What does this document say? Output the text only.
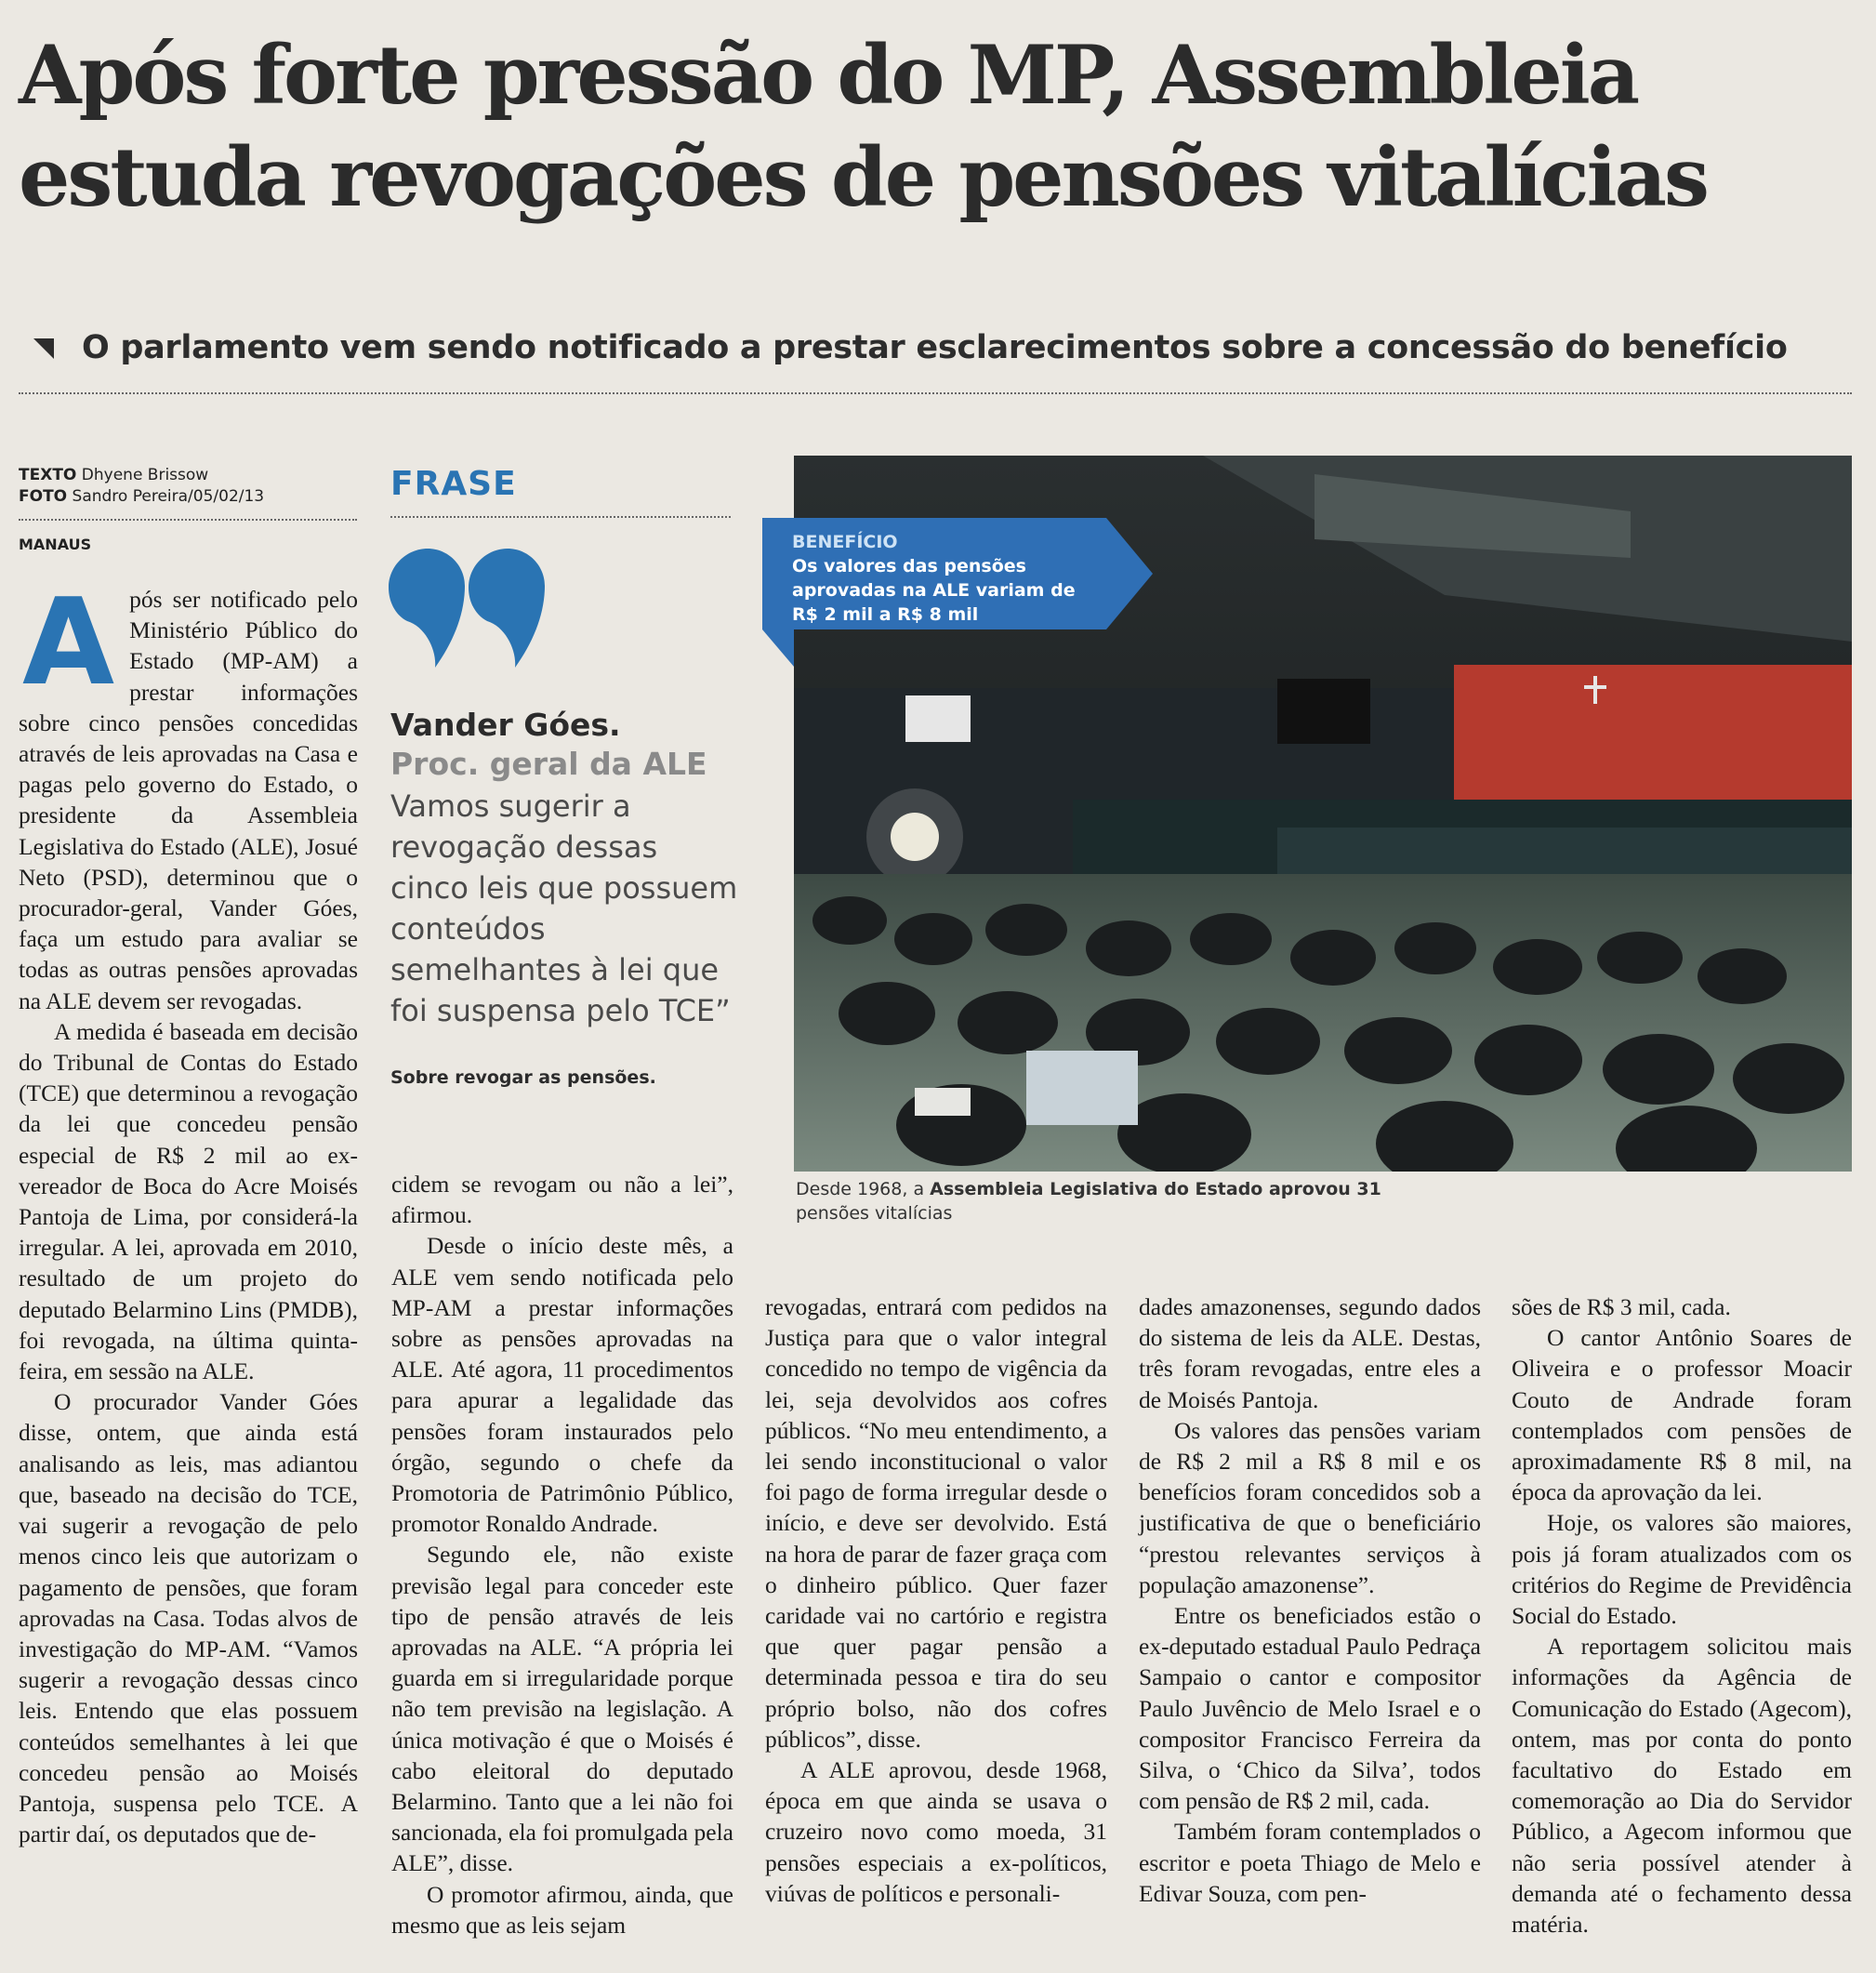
Após forte pressão do MP, Assembleia
estuda revogações de pensões vitalícias
O parlamento vem sendo notificado a prestar esclarecimentos sobre a concessão do benefício
TEXTO Dhyene Brissow
FOTO Sandro Pereira/05/02/13
MANAUS

Após ser notificado pelo Ministério Público do Estado (MP-AM) a prestar informações sobre cinco pensões concedidas através de leis aprovadas na Casa e pagas pelo governo do Estado, o presidente da Assembleia Legislativa do Estado (ALE), Josué Neto (PSD), determinou que o procurador-geral, Vander Góes, faça um estudo para avaliar se todas as outras pensões aprovadas na ALE devem ser revogadas.

A medida é baseada em decisão do Tribunal de Contas do Estado (TCE) que determinou a revogação da lei que concedeu pensão especial de R$ 2 mil ao ex-vereador de Boca do Acre Moisés Pantoja de Lima, por considerá-la irregular. A lei, aprovada em 2010, resultado de um projeto do deputado Belarmino Lins (PMDB), foi revogada, na última quinta-feira, em sessão na ALE.

O procurador Vander Góes disse, ontem, que ainda está analisando as leis, mas adiantou que, baseado na decisão do TCE, vai sugerir a revogação de pelo menos cinco leis que autorizam o pagamento de pensões, que foram aprovadas na Casa. Todas alvos de investigação do MP-AM. “Vamos sugerir a revogação dessas cinco leis. Entendo que elas possuem conteúdos semelhantes à lei que concedeu pensão ao Moisés Pantoja, suspensa pelo TCE. A partir daí, os deputados que de-

FRASE
Vander Góes.
Proc. geral da ALE
Vamos sugerir a revogação dessas cinco leis que possuem conteúdos semelhantes à lei que foi suspensa pelo TCE”
Sobre revogar as pensões.
BENEFÍCIO
Os valores das pensões
aprovadas na ALE variam de
R$ 2 mil a R$ 8 mil
Desde 1968, a Assembleia Legislativa do Estado aprovou 31
pensões vitalícias

cidem se revogam ou não a lei”, afirmou.

Desde o início deste mês, a ALE vem sendo notificada pelo MP-AM a prestar informações sobre as pensões aprovadas na ALE. Até agora, 11 procedimentos para apurar a legalidade das pensões foram instaurados pelo órgão, segundo o chefe da Promotoria de Patrimônio Público, promotor Ronaldo Andrade.

Segundo ele, não existe previsão legal para conceder este tipo de pensão através de leis aprovadas na ALE. “A própria lei guarda em si irregularidade porque não tem previsão na legislação. A única motivação é que o Moisés é cabo eleitoral do deputado Belarmino. Tanto que a lei não foi sancionada, ela foi promulgada pela ALE”, disse.

O promotor afirmou, ainda, que mesmo que as leis sejam

revogadas, entrará com pedidos na Justiça para que o valor integral concedido no tempo de vigência da lei, seja devolvidos aos cofres públicos. “No meu entendimento, a lei sendo inconstitucional o valor foi pago de forma irregular desde o início, e deve ser devolvido. Está na hora de parar de fazer graça com o dinheiro público. Quer fazer caridade vai no cartório e registra que quer pagar pensão a determinada pessoa e tira do seu próprio bolso, não dos cofres públicos”, disse.

A ALE aprovou, desde 1968, época em que ainda se usava o cruzeiro novo como moeda, 31 pensões especiais a ex-políticos, viúvas de políticos e personali-

dades amazonenses, segundo dados do sistema de leis da ALE. Destas, três foram revogadas, entre eles a de Moisés Pantoja.

Os valores das pensões variam de R$ 2 mil a R$ 8 mil e os benefícios foram concedidos sob a justificativa de que o beneficiário “prestou relevantes serviços à população amazonense”.

Entre os beneficiados estão o ex-deputado estadual Paulo Pedraça Sampaio o cantor e compositor Paulo Juvêncio de Melo Israel e o compositor Francisco Ferreira da Silva, o ‘Chico da Silva’, todos com pensão de R$ 2 mil, cada.

Também foram contemplados o escritor e poeta Thiago de Melo e Edivar Souza, com pen-

sões de R$ 3 mil, cada.

O cantor Antônio Soares de Oliveira e o professor Moacir Couto de Andrade foram contemplados com pensões de aproximadamente R$ 8 mil, na época da aprovação da lei.

Hoje, os valores são maiores, pois já foram atualizados com os critérios do Regime de Previdência Social do Estado.

A reportagem solicitou mais informações da Agência de Comunicação do Estado (Agecom), ontem, mas por conta do ponto facultativo do Estado em comemoração ao Dia do Servidor Público, a Agecom informou que não seria possível atender à demanda até o fechamento dessa matéria.
